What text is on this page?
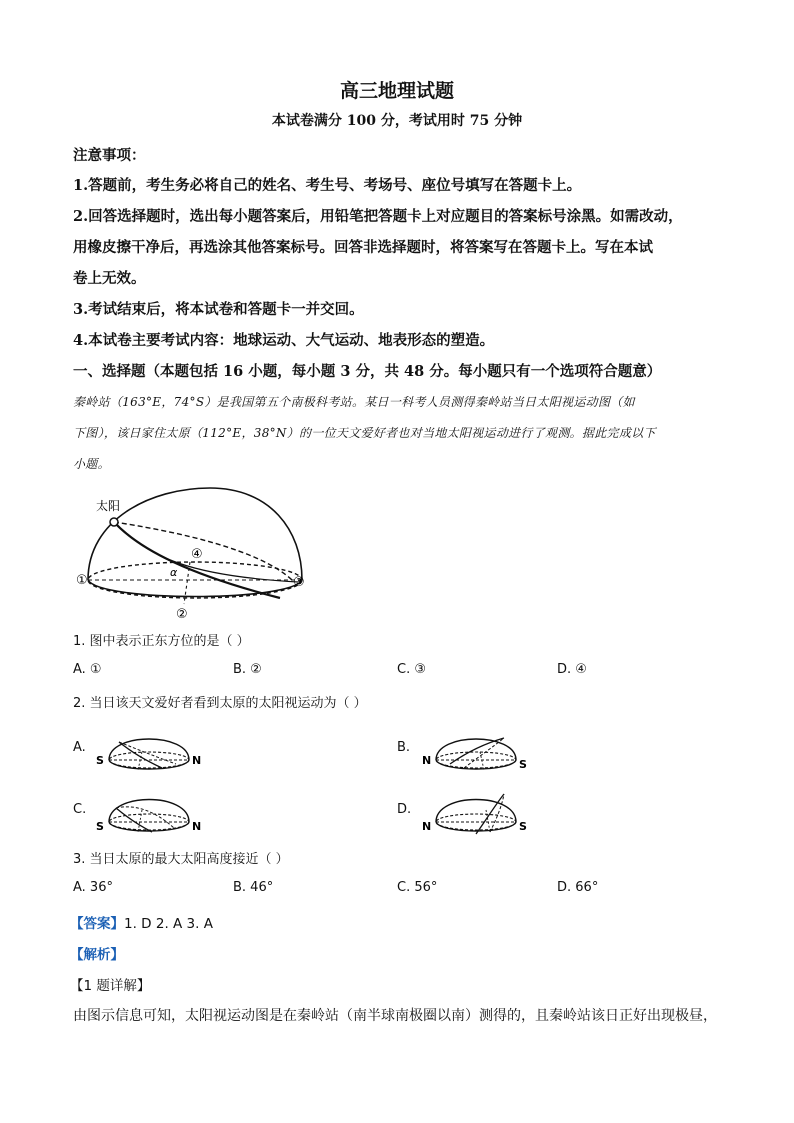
高三地理试题
本试卷满分 100 分，考试用时 75 分钟
注意事项：
1.答题前，考生务必将自己的姓名、考生号、考场号、座位号填写在答题卡上。
2.回答选择题时，选出每小题答案后，用铅笔把答题卡上对应题目的答案标号涂黑。如需改动，
用橡皮擦干净后，再选涂其他答案标号。回答非选择题时，将答案写在答题卡上。写在本试
卷上无效。
3.考试结束后，将本试卷和答题卡一并交回。
4.本试卷主要考试内容：地球运动、大气运动、地表形态的塑造。
一、选择题（本题包括 16 小题，每小题 3 分，共 48 分。每小题只有一个选项符合题意）
秦岭站（163°E，74°S）是我国第五个南极科考站。某日一科考人员测得秦岭站当日太阳视运动图（如
下图），该日家住太原（112°E，38°N）的一位天文爱好者也对当地太阳视运动进行了观测。据此完成以下
小题。
太阳
α
①
②
③
④
1. 图中表示正东方位的是（ ）
A. ①	B. ②	C. ③	D. ④
2. 当日该天文爱好者看到太原的太阳视运动为（ ）
A.
S	N
B.
N	S
C.
S	N
D.
N	S
3. 当日太原的最大太阳高度接近（ ）
A. 36°	B. 46°	C. 56°	D. 66°
【答案】1. D 2. A 3. A
【解析】
【1 题详解】
由图示信息可知，太阳视运动图是在秦岭站（南半球南极圈以南）测得的，且秦岭站该日正好出现极昼，
